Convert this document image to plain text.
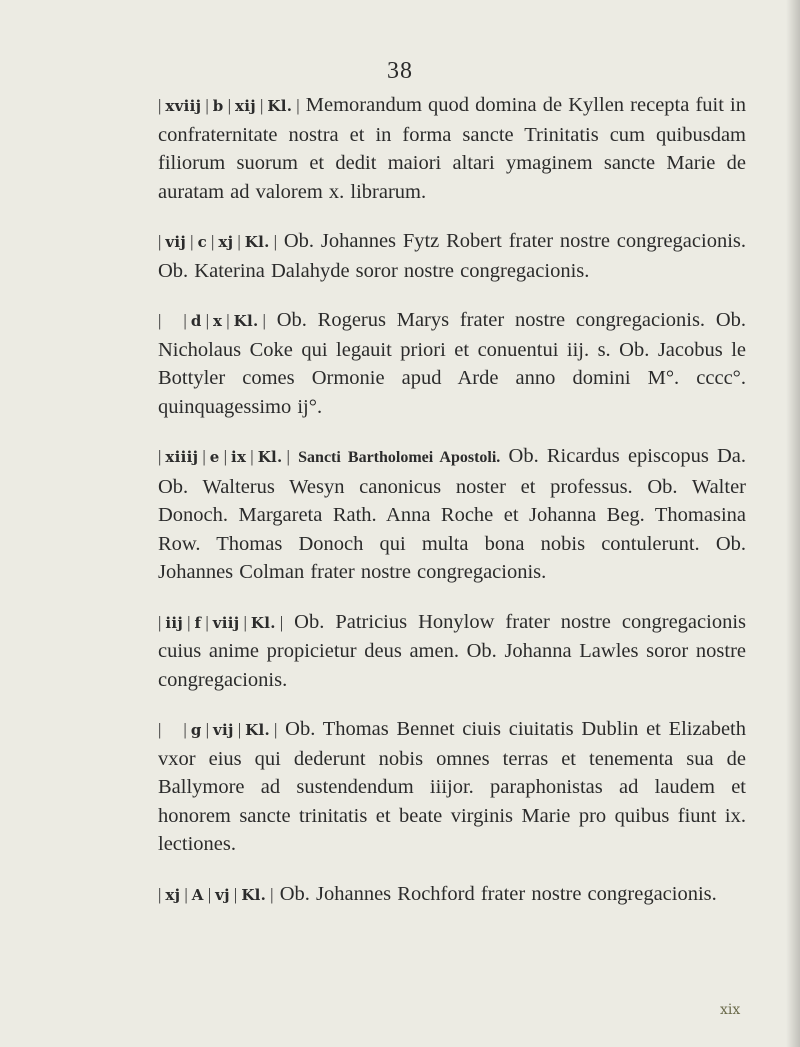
38

| xviij | b | xij | Kl. | Memorandum quod domina de Kyllen recepta fuit in confraternitate nostra et in forma sancte Trinitatis cum quibusdam filiorum suorum et dedit maiori altari ymaginem sancte Marie de auratam ad valorem x. librarum.

| vij | c | xj | Kl. | Ob. Johannes Fytz Robert frater nostre congregacionis. Ob. Katerina Dalahyde soror nostre congregacionis.

| | d | x | Kl. | Ob. Rogerus Marys frater nostre congregacionis. Ob. Nicholaus Coke qui legauit priori et conuentui iij. s. Ob. Jacobus le Bottyler comes Ormonie apud Arde anno domini M°. cccc°. quinquagessimo ij°.

| xiiij | e | ix | Kl. | Sancti Bartholomei Apostoli. Ob. Ricardus episcopus Da. Ob. Walterus Wesyn canonicus noster et professus. Ob. Walter Donoch. Margareta Rath. Anna Roche et Johanna Beg. Thomasina Row. Thomas Donoch qui multa bona nobis contulerunt. Ob. Johannes Colman frater nostre congregacionis.

| iij | f | viij | Kl. | Ob. Patricius Honylow frater nostre congregacionis cuius anime propicietur deus amen. Ob. Johanna Lawles soror nostre congregacionis.

| | g | vij | Kl. | Ob. Thomas Bennet ciuis ciuitatis Dublin et Elizabeth vxor eius qui dederunt nobis omnes terras et tenementa sua de Ballymore ad sustendendum iiijor. paraphonistas ad laudem et honorem sancte trinitatis et beate virginis Marie pro quibus fiunt ix. lectiones.

| xj | A | vj | Kl. | Ob. Johannes Rochford frater nostre congregacionis.

xix
